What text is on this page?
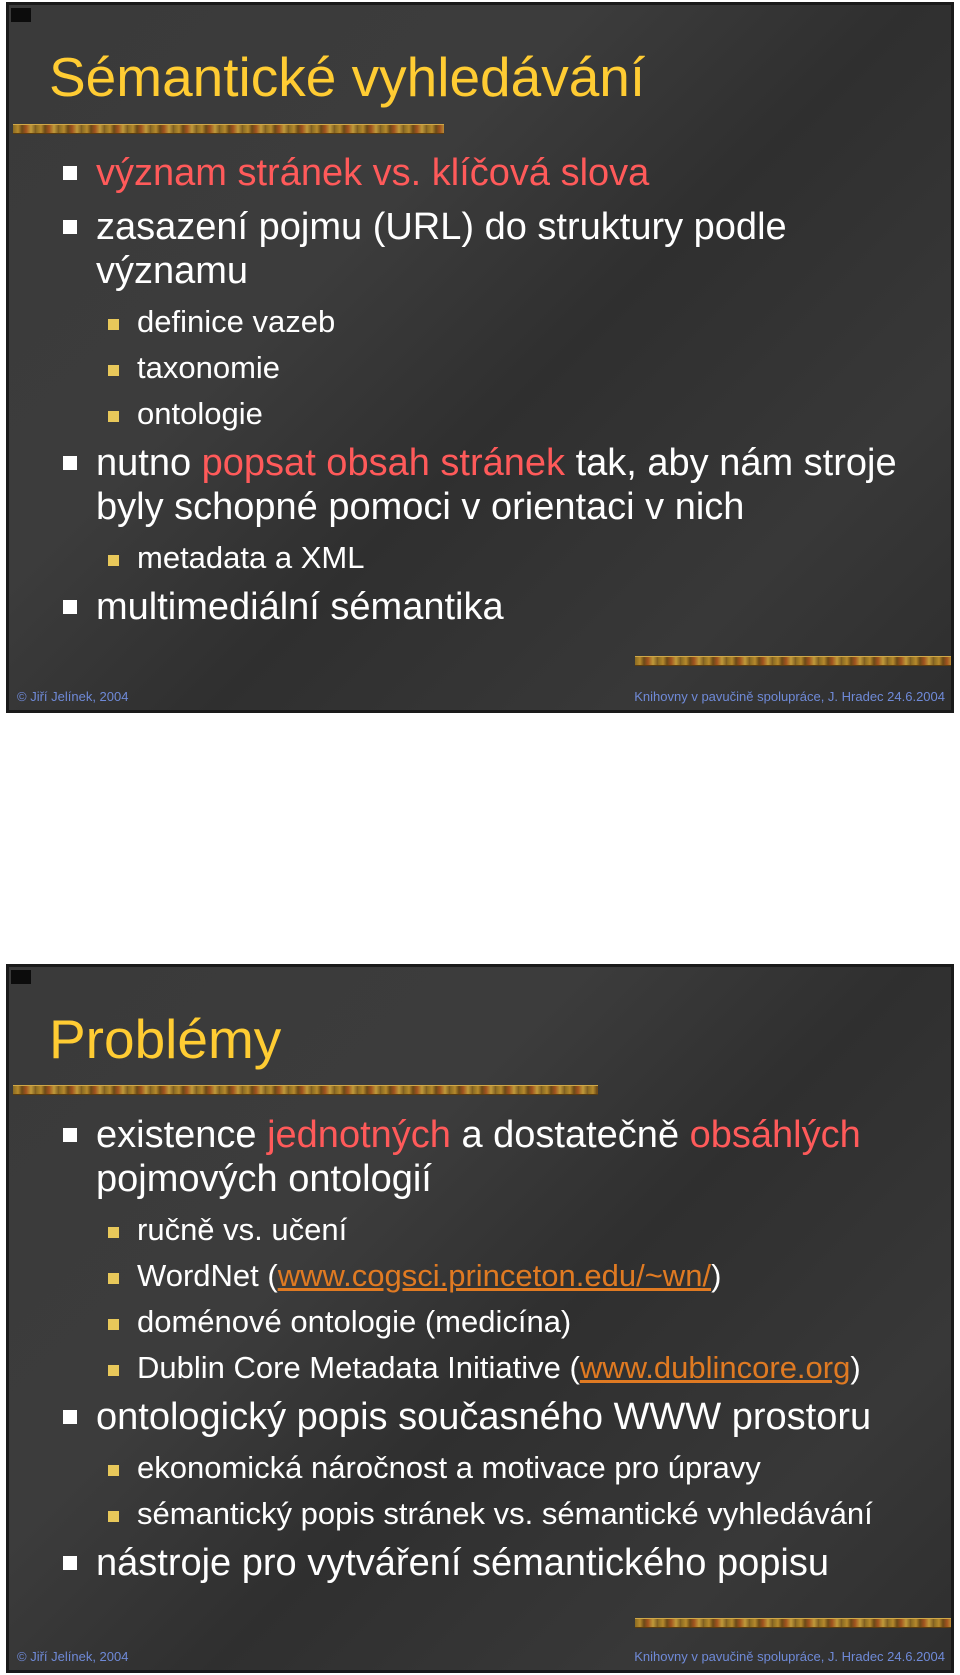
Sémantické vyhledávání
význam stránek vs. klíčová slova
zasazení pojmu (URL) do struktury podle významu
definice vazeb
taxonomie
ontologie
nutno popsat obsah stránek tak, aby nám stroje byly schopné pomoci v orientaci v nich
metadata a XML
multimediální sémantika
© Jiří Jelínek, 2004	Knihovny v pavučině spolupráce, J. Hradec 24.6.2004
Problémy
existence jednotných a dostatečně obsáhlých pojmových ontologií
ručně vs. učení
WordNet (www.cogsci.princeton.edu/~wn/)
doménové ontologie (medicína)
Dublin Core Metadata Initiative (www.dublincore.org)
ontologický popis současného WWW prostoru
ekonomická náročnost a motivace pro úpravy
sémantický popis stránek vs. sémantické vyhledávání
nástroje pro vytváření sémantického popisu
© Jiří Jelínek, 2004	Knihovny v pavučině spolupráce, J. Hradec 24.6.2004
